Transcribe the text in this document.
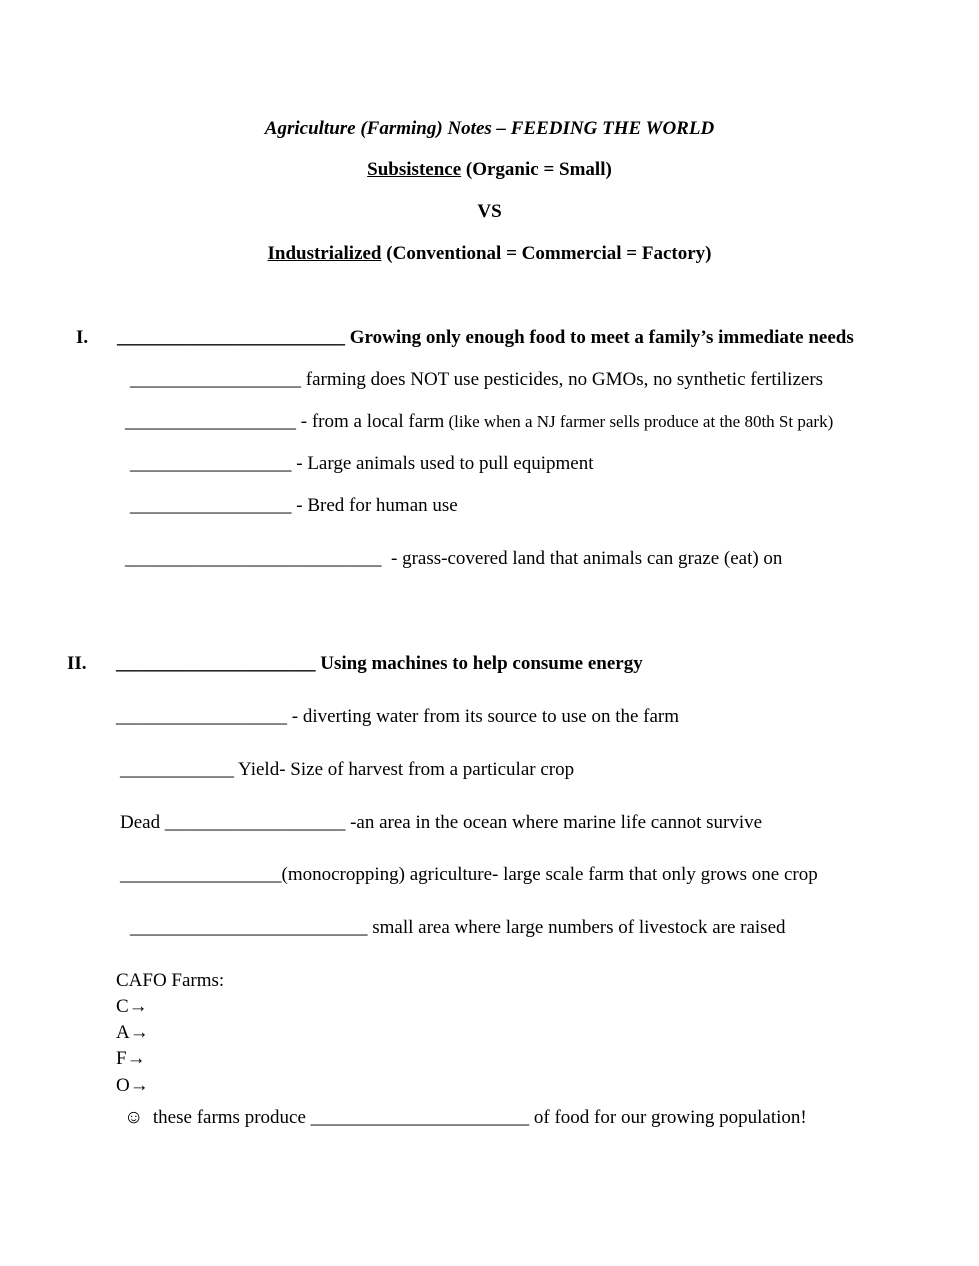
Agriculture (Farming) Notes – FEEDING THE WORLD
Subsistence (Organic = Small)
VS
Industrialized (Conventional = Commercial = Factory)
I. ________________________ Growing only enough food to meet a family’s immediate needs
__________________ farming does NOT use pesticides, no GMOs, no synthetic fertilizers
__________________ - from a local farm (like when a NJ farmer sells produce at the 80th St park)
_________________ - Large animals used to pull equipment
_________________ - Bred for human use
___________________________  - grass-covered land that animals can graze (eat) on
II. _____________________ Using machines to help consume energy
__________________ - diverting water from its source to use on the farm
____________ Yield- Size of harvest from a particular crop
Dead ___________________ -an area in the ocean where marine life cannot survive
_________________(monocropping) agriculture- large scale farm that only grows one crop
_________________________ small area where large numbers of livestock are raised
CAFO Farms:
C→
A→
F→
O→
☺  these farms produce _______________________ of food for our growing population!
